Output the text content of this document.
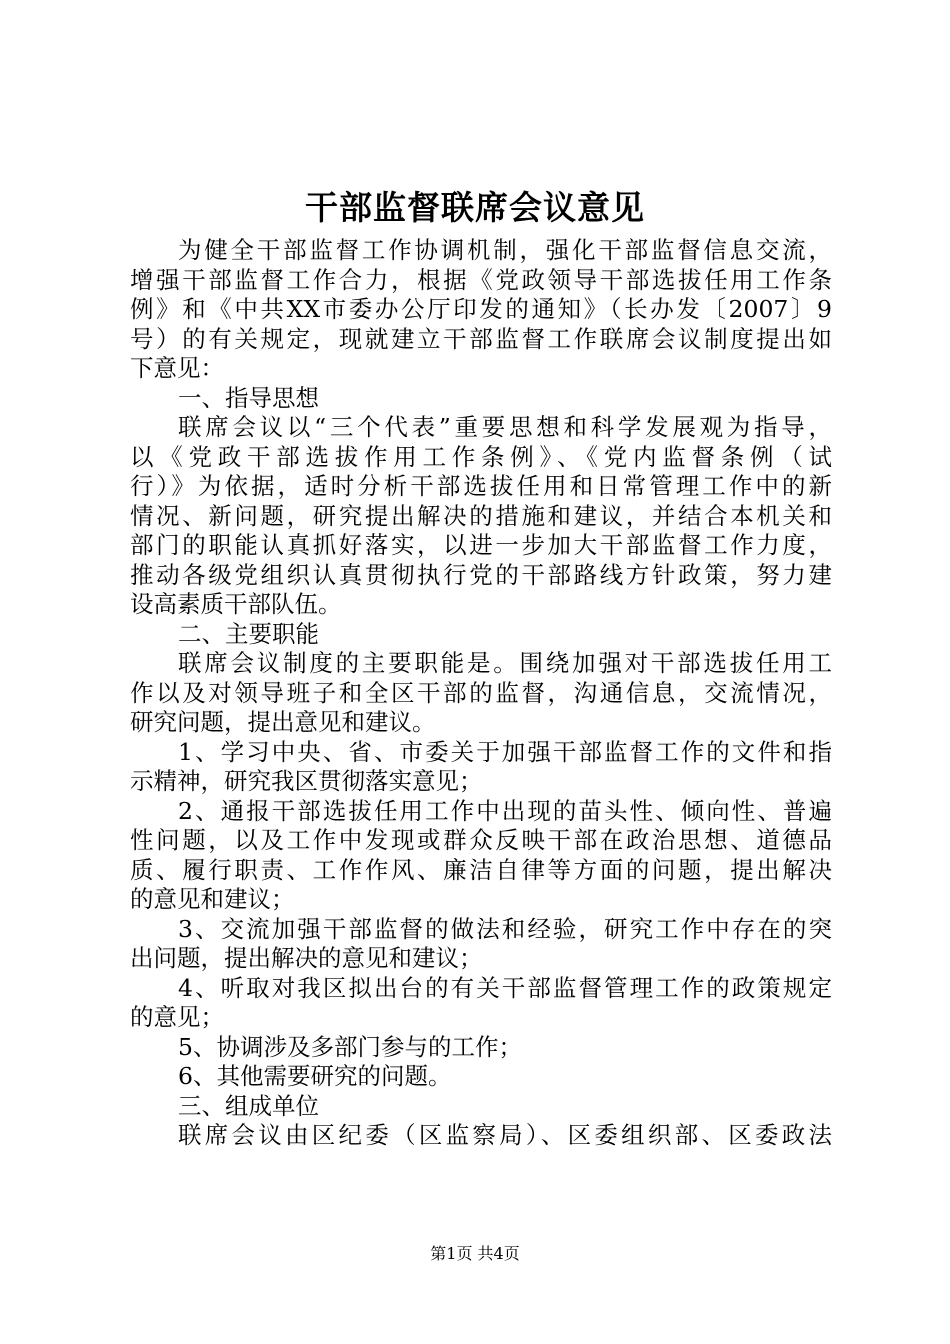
干部监督联席会议意见
为健全干部监督工作协调机制，强化干部监督信息交流，
增强干部监督工作合力，根据《党政领导干部选拔任用工作条
例》和《中共XX市委办公厅印发的通知》（长办发〔2007〕9
号）的有关规定，现就建立干部监督工作联席会议制度提出如
下意见：
一、指导思想
联席会议以“三个代表”重要思想和科学发展观为指导，
以《党政干部选拔作用工作条例》、《党内监督条例（试
行）》为依据，适时分析干部选拔任用和日常管理工作中的新
情况、新问题，研究提出解决的措施和建议，并结合本机关和
部门的职能认真抓好落实，以进一步加大干部监督工作力度，
推动各级党组织认真贯彻执行党的干部路线方针政策，努力建
设高素质干部队伍。
二、主要职能
联席会议制度的主要职能是。围绕加强对干部选拔任用工
作以及对领导班子和全区干部的监督，沟通信息，交流情况，
研究问题，提出意见和建议。
1、学习中央、省、市委关于加强干部监督工作的文件和指
示精神，研究我区贯彻落实意见；
2、通报干部选拔任用工作中出现的苗头性、倾向性、普遍
性问题，以及工作中发现或群众反映干部在政治思想、道德品
质、履行职责、工作作风、廉洁自律等方面的问题，提出解决
的意见和建议；
3、交流加强干部监督的做法和经验，研究工作中存在的突
出问题，提出解决的意见和建议；
4、听取对我区拟出台的有关干部监督管理工作的政策规定
的意见；
5、协调涉及多部门参与的工作；
6、其他需要研究的问题。
三、组成单位
联席会议由区纪委（区监察局）、区委组织部、区委政法
第1页 共4页
